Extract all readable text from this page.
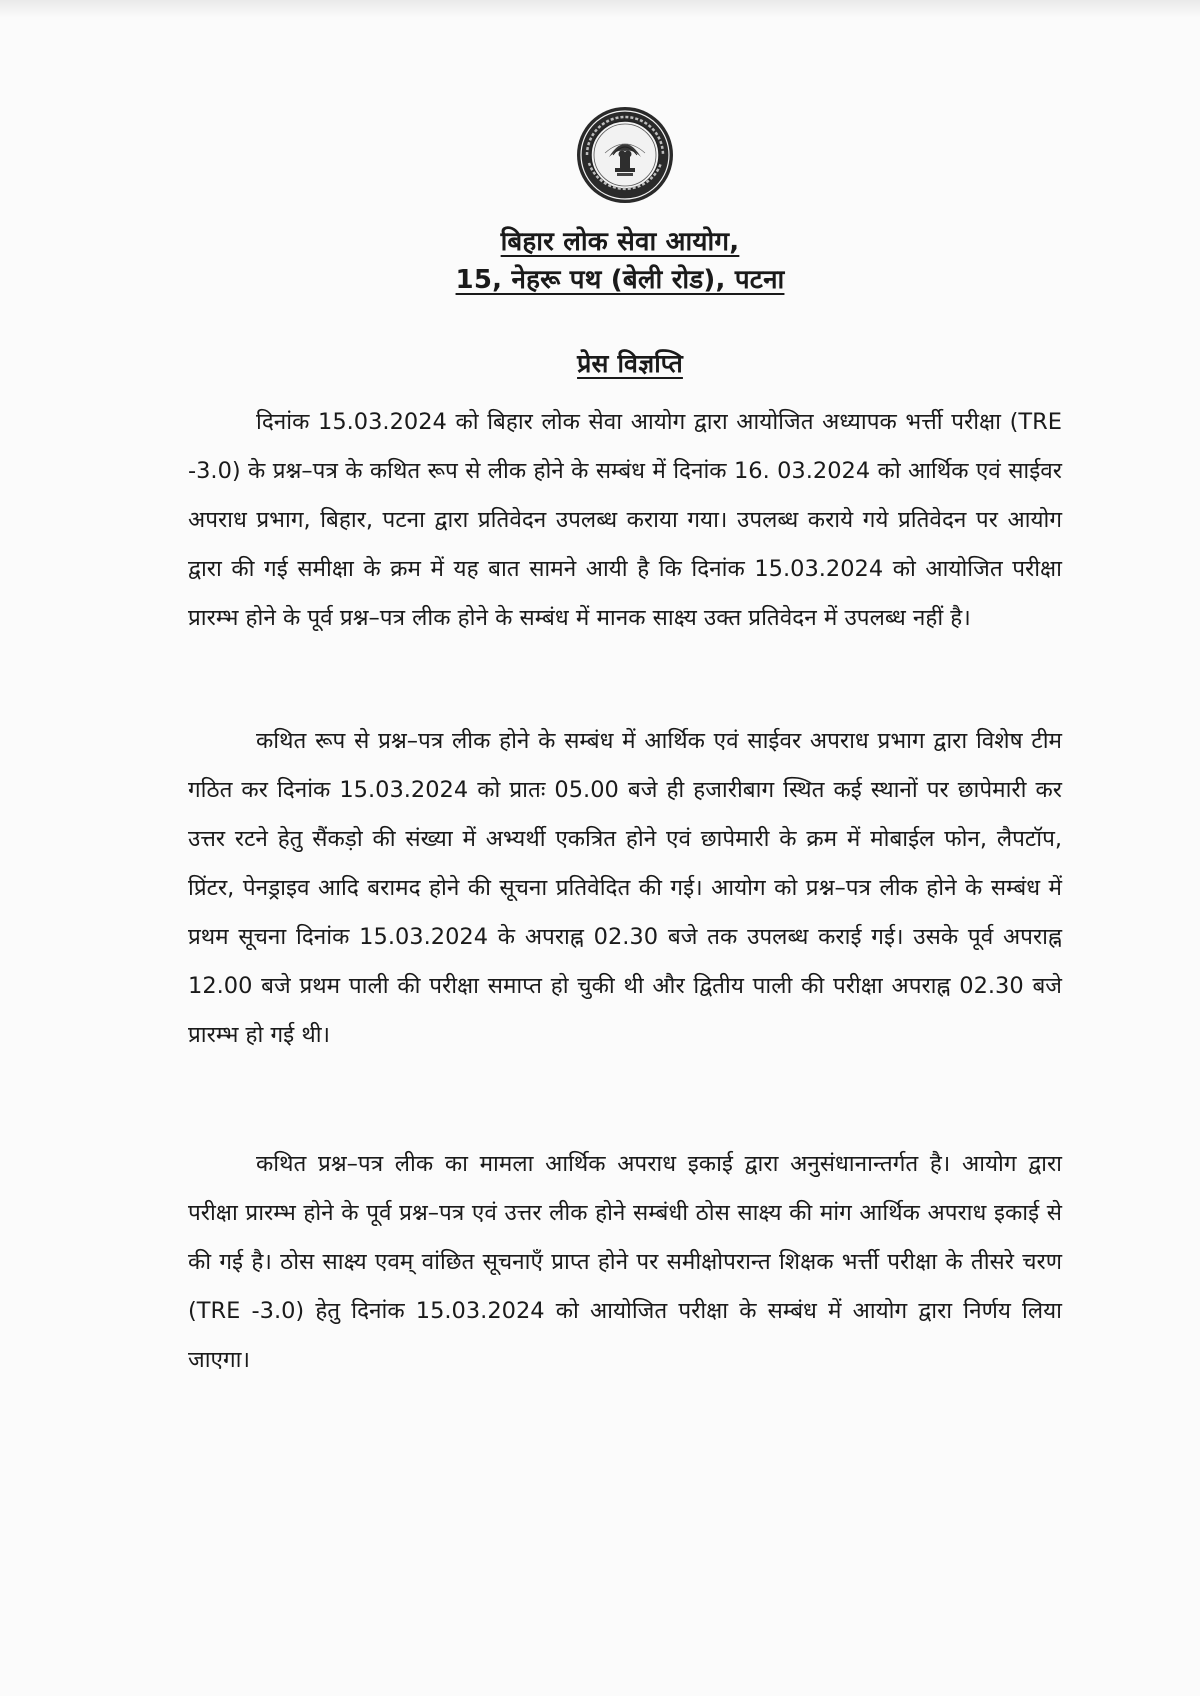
बिहार लोक सेवा आयोग,
15, नेहरू पथ (बेली रोड), पटना
प्रेस विज्ञप्ति

दिनांक 15.03.2024 को बिहार लोक सेवा आयोग द्वारा आयोजित अध्यापक भर्त्ती परीक्षा (TRE -3.0) के प्रश्न–पत्र के कथित रूप से लीक होने के सम्बंध में दिनांक 16. 03.2024 को आर्थिक एवं साईवर अपराध प्रभाग, बिहार, पटना द्वारा प्रतिवेदन उपलब्ध कराया गया। उपलब्ध कराये गये प्रतिवेदन पर आयोग द्वारा की गई समीक्षा के क्रम में यह बात सामने आयी है कि दिनांक 15.03.2024 को आयोजित परीक्षा प्रारम्भ होने के पूर्व प्रश्न–पत्र लीक होने के सम्बंध में मानक साक्ष्य उक्त प्रतिवेदन में उपलब्ध नहीं है।

कथित रूप से प्रश्न–पत्र लीक होने के सम्बंध में आर्थिक एवं साईवर अपराध प्रभाग द्वारा विशेष टीम गठित कर दिनांक 15.03.2024 को प्रातः 05.00 बजे ही हजारीबाग स्थित कई स्थानों पर छापेमारी कर उत्तर रटने हेतु सैंकड़ो की संख्या में अभ्यर्थी एकत्रित होने एवं छापेमारी के क्रम में मोबाईल फोन, लैपटॉप, प्रिंटर, पेनड्राइव आदि बरामद होने की सूचना प्रतिवेदित की गई। आयोग को प्रश्न–पत्र लीक होने के सम्बंध में प्रथम सूचना दिनांक 15.03.2024 के अपराह्न 02.30 बजे तक उपलब्ध कराई गई। उसके पूर्व अपराह्न 12.00 बजे प्रथम पाली की परीक्षा समाप्त हो चुकी थी और द्वितीय पाली की परीक्षा अपराह्न 02.30 बजे प्रारम्भ हो गई थी।

कथित प्रश्न–पत्र लीक का मामला आर्थिक अपराध इकाई द्वारा अनुसंधानान्तर्गत है। आयोग द्वारा परीक्षा प्रारम्भ होने के पूर्व प्रश्न–पत्र एवं उत्तर लीक होने सम्बंधी ठोस साक्ष्य की मांग आर्थिक अपराध इकाई से की गई है। ठोस साक्ष्य एवम् वांछित सूचनाएँ प्राप्त होने पर समीक्षोपरान्त शिक्षक भर्त्ती परीक्षा के तीसरे चरण (TRE -3.0) हेतु दिनांक 15.03.2024 को आयोजित परीक्षा के सम्बंध में आयोग द्वारा निर्णय लिया जाएगा।
